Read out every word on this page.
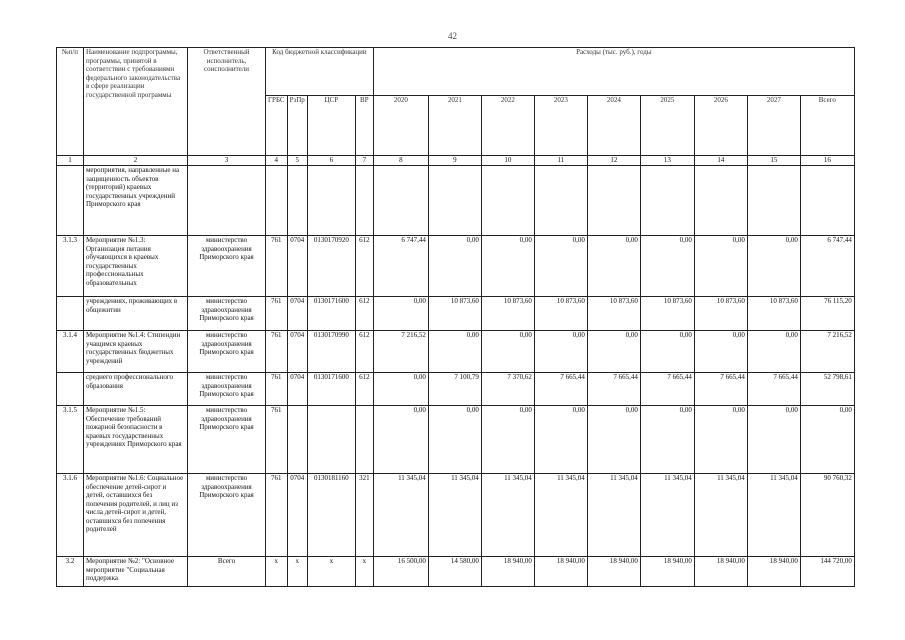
42
№п/п	Наименование подпрограммы, программы, принятой в соответствии с требованиями федерального законодательства в сфере реализации государственной программы	Ответственный исполнитель, соисполнители	Код бюджетной классификации				Расходы (тыс. руб.), годы								
			ГРБС	РзПр	ЦСР	ВР	2020	2021	2022	2023	2024	2025	2026	2027	Всего
1	2	3	4	5	6	7	8	9	10	11	12	13	14	15	16
	мероприятия, направленные на защищенность объектов (территорий) краевых государственных учреждений Приморского края														
3.1.3	Мероприятие №1.3: Организация питания обучающихся в краевых государственных профессиональных образовательных	министерство здравоохранения Приморского края	761	0704	0130170920	612	6 747,44	0,00	0,00	0,00	0,00	0,00	0,00	0,00	6 747,44
	учреждениях, проживающих в общежитии	министерство здравоохранения Приморского края	761	0704	0130171600	612	0,00	10 873,60	10 873,60	10 873,60	10 873,60	10 873,60	10 873,60	10 873,60	76 115,20
3.1.4	Мероприятие №1.4: Стипендии учащимся краевых государственных бюджетных учреждений	министерство здравоохранения Приморского края	761	0704	0130170990	612	7 216,52	0,00	0,00	0,00	0,00	0,00	0,00	0,00	7 216,52
	среднего профессионального образования	министерство здравоохранения Приморского края	761	0704	0130171600	612	0,00	7 100,79	7 370,62	7 665,44	7 665,44	7 665,44	7 665,44	7 665,44	52 798,61
3.1.5	Мероприятие №1.5: Обеспечение требований пожарной безопасности в краевых государственных учреждениях Приморского края	министерство здравоохранения Приморского края	761				0,00	0,00	0,00	0,00	0,00	0,00	0,00	0,00	0,00
3.1.6	Мероприятие №1.6: Социальное обеспечение детей-сирот и детей, оставшихся без попечения родителей, и лиц из числа детей-сирот и детей, оставшихся без попечения родителей	министерство здравоохранения Приморского края	761	0704	0130181160	321	11 345,04	11 345,04	11 345,04	11 345,04	11 345,04	11 345,04	11 345,04	11 345,04	90 760,32
3.2	Мероприятие №2: "Основное мероприятие "Социальная поддержка	Всего	х	х	х	х	16 500,00	14 580,00	18 940,00	18 940,00	18 940,00	18 940,00	18 940,00	18 940,00	144 720,00
